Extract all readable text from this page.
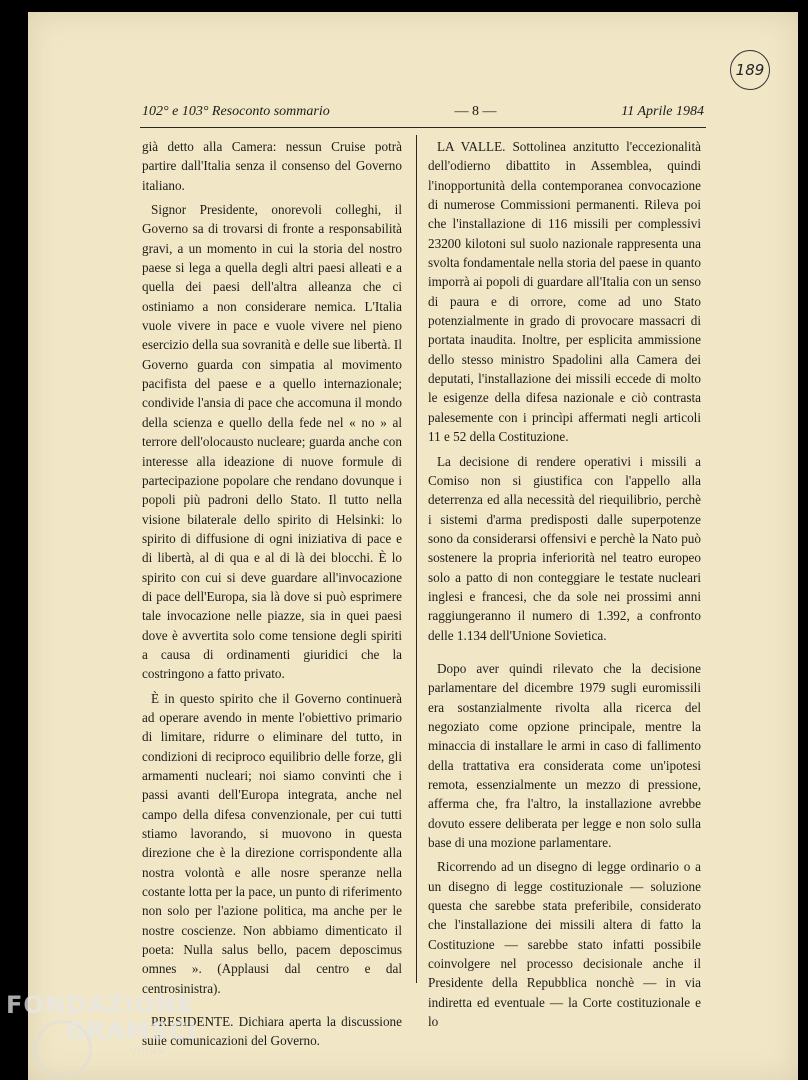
189
102° e 103° Resoconto sommario	— 8 —	11 Aprile 1984

già detto alla Camera: nessun Cruise potrà partire dall'Italia senza il consenso del Governo italiano.

Signor Presidente, onorevoli colleghi, il Governo sa di trovarsi di fronte a responsabilità gravi, a un momento in cui la storia del nostro paese si lega a quella degli altri paesi alleati e a quella dei paesi dell'altra alleanza che ci ostiniamo a non considerare nemica. L'Italia vuole vivere in pace e vuole vivere nel pieno esercizio della sua sovranità e delle sue libertà. Il Governo guarda con simpatia al movimento pacifista del paese e a quello internazionale; condivide l'ansia di pace che accomuna il mondo della scienza e quello della fede nel « no » al terrore dell'olocausto nucleare; guarda anche con interesse alla ideazione di nuove formule di partecipazione popolare che rendano dovunque i popoli più padroni dello Stato. Il tutto nella visione bilaterale dello spirito di Helsinki: lo spirito di diffusione di ogni iniziativa di pace e di libertà, al di qua e al di là dei blocchi. È lo spirito con cui si deve guardare all'invocazione di pace dell'Europa, sia là dove si può esprimere tale invocazione nelle piazze, sia in quei paesi dove è avvertita solo come tensione degli spiriti a causa di ordinamenti giuridici che la costringono a fatto privato.

È in questo spirito che il Governo continuerà ad operare avendo in mente l'obiettivo primario di limitare, ridurre o eliminare del tutto, in condizioni di reciproco equilibrio delle forze, gli armamenti nucleari; noi siamo convinti che i passi avanti dell'Europa integrata, anche nel campo della difesa convenzionale, per cui tutti stiamo lavorando, si muovono in questa direzione che è la direzione corrispondente alla nostra volontà e alle nosre speranze nella costante lotta per la pace, un punto di riferimento non solo per l'azione politica, ma anche per le nostre coscienze. Non abbiamo dimenticato il poeta: Nulla salus bello, pacem deposcimus omnes ». (Applausi dal centro e dal centrosinistra).

PRESIDENTE. Dichiara aperta la discussione sulle comunicazioni del Governo.

LA VALLE. Sottolinea anzitutto l'eccezionalità dell'odierno dibattito in Assemblea, quindi l'inopportunità della contemporanea convocazione di numerose Commissioni permanenti. Rileva poi che l'installazione di 116 missili per complessivi 23200 kilotoni sul suolo nazionale rappresenta una svolta fondamentale nella storia del paese in quanto imporrà ai popoli di guardare all'Italia con un senso di paura e di orrore, come ad uno Stato potenzialmente in grado di provocare massacri di portata inaudita. Inoltre, per esplicita ammissione dello stesso ministro Spadolini alla Camera dei deputati, l'installazione dei missili eccede di molto le esigenze della difesa nazionale e ciò contrasta palesemente con i princìpi affermati negli articoli 11 e 52 della Costituzione.

La decisione di rendere operativi i missili a Comiso non si giustifica con l'appello alla deterrenza ed alla necessità del riequilibrio, perchè i sistemi d'arma predisposti dalle superpotenze sono da considerarsi offensivi e perchè la Nato può sostenere la propria inferiorità nel teatro europeo solo a patto di non conteggiare le testate nucleari inglesi e francesi, che da sole nei prossimi anni raggiungeranno il numero di 1.392, a confronto delle 1.134 dell'Unione Sovietica.

Dopo aver quindi rilevato che la decisione parlamentare del dicembre 1979 sugli euromissili era sostanzialmente rivolta alla ricerca del negoziato come opzione principale, mentre la minaccia di installare le armi in caso di fallimento della trattativa era considerata come un'ipotesi remota, essenzialmente un mezzo di pressione, afferma che, fra l'altro, la installazione avrebbe dovuto essere deliberata per legge e non solo sulla base di una mozione parlamentare.

Ricorrendo ad un disegno di legge ordinario o a un disegno di legge costituzionale — soluzione questa che sarebbe stata preferibile, considerato che l'installazione dei missili altera di fatto la Costituzione — sarebbe stato infatti possibile coinvolgere nel processo decisionale anche il Presidente della Repubblica nonchè — in via indiretta ed eventuale — la Corte costituzionale e lo

FONDAZIONE
GRAMSCI
onlus
